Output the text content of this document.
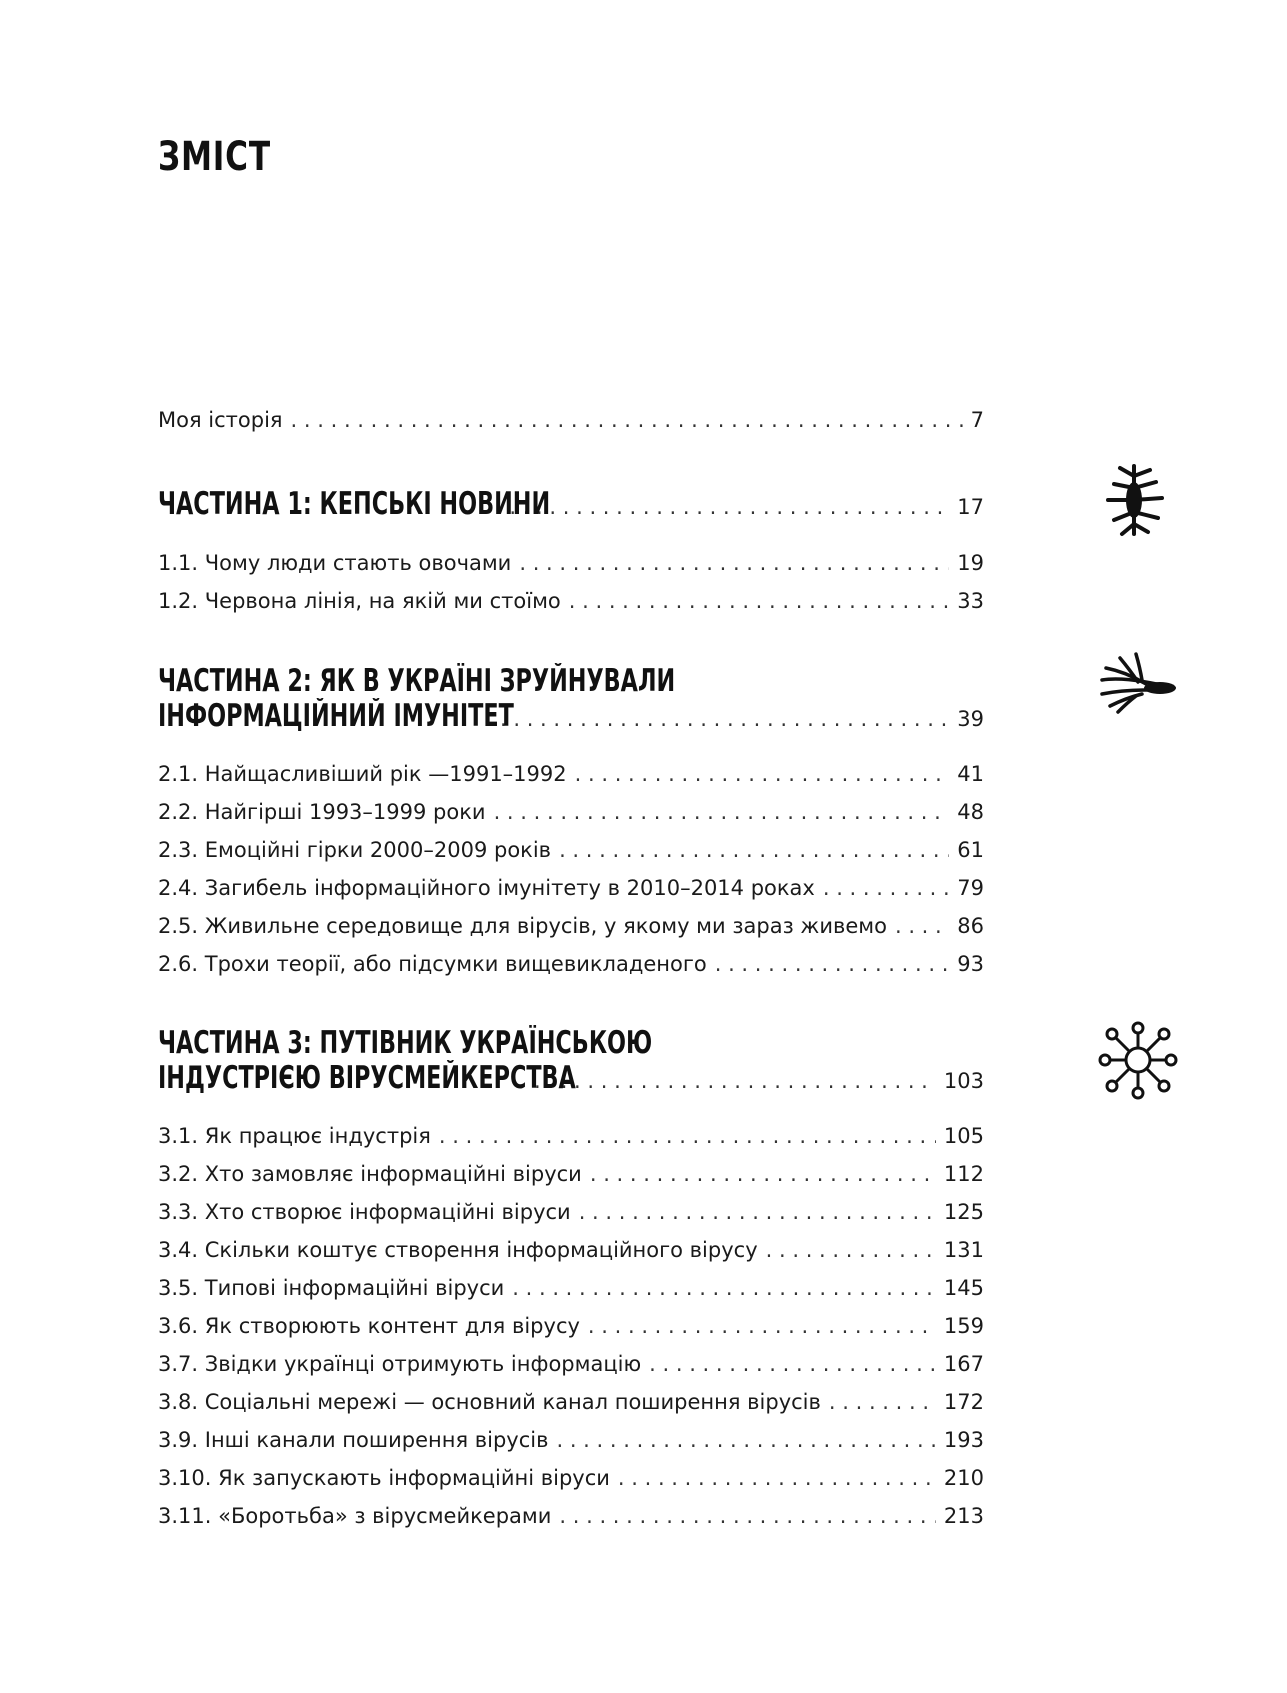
ЗМІСТ
Моя історія . . .	7
ЧАСТИНА 1: КЕПСЬКІ НОВИНИ . . .	17
1.1. Чому люди стають овочами . . .	19
1.2. Червона лінія, на якій ми стоїмо . . .	33
ЧАСТИНА 2: ЯК В УКРАЇНІ ЗРУЙНУВАЛИ
ІНФОРМАЦІЙНИЙ ІМУНІТЕТ . . .	39
2.1. Найщасливіший рік —1991–1992 . . .	41
2.2. Найгірші 1993–1999 роки . . .	48
2.3. Емоційні гірки 2000–2009 років . . .	61
2.4. Загибель інформаційного імунітету в 2010–2014 роках . . .	79
2.5. Живильне середовище для вірусів, у якому ми зараз живемо . . .	86
2.6. Трохи теорії, або підсумки вищевикладеного . . .	93
ЧАСТИНА 3: ПУТІВНИК УКРАЇНСЬКОЮ
ІНДУСТРІЄЮ ВІРУСМЕЙКЕРСТВА . . .	103
3.1. Як працює індустрія . . .	105
3.2. Хто замовляє інформаційні віруси . . .	112
3.3. Хто створює інформаційні віруси . . .	125
3.4. Скільки коштує створення інформаційного вірусу . . .	131
3.5. Типові інформаційні віруси . . .	145
3.6. Як створюють контент для вірусу . . .	159
3.7. Звідки українці отримують інформацію . . .	167
3.8. Соціальні мережі — основний канал поширення вірусів . . .	172
3.9. Інші канали поширення вірусів . . .	193
3.10. Як запускають інформаційні віруси . . .	210
3.11. «Боротьба» з вірусмейкерами . . .	213
